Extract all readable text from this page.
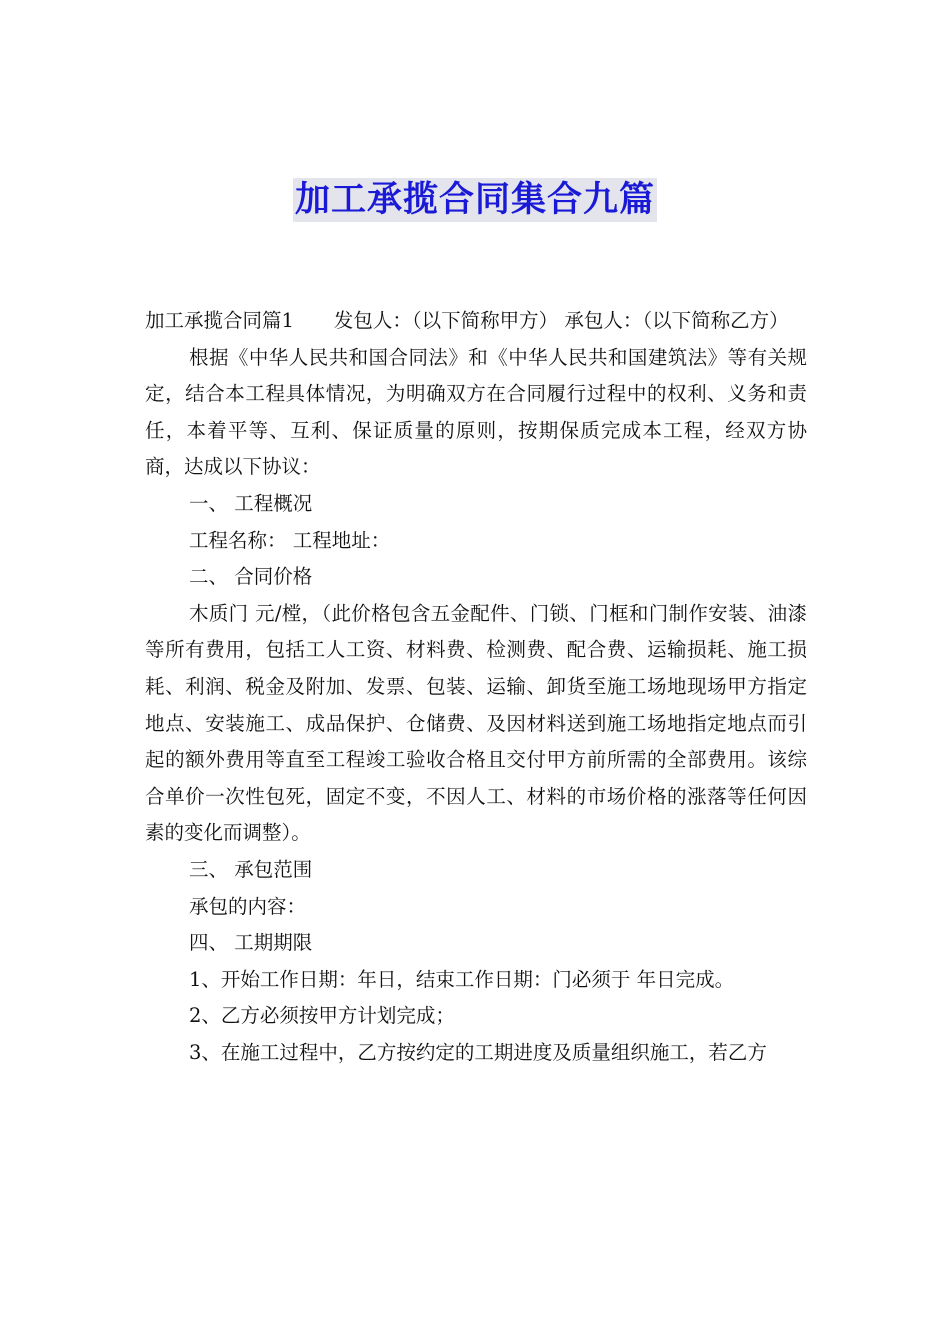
加工承揽合同集合九篇

加工承揽合同篇1 发包人：（以下简称甲方） 承包人：（以下简称乙方）

根据《中华人民共和国合同法》和《中华人民共和国建筑法》等有关规定，结合本工程具体情况，为明确双方在合同履行过程中的权利、义务和责任，本着平等、互利、保证质量的原则，按期保质完成本工程，经双方协商，达成以下协议：

一、 工程概况

工程名称： 工程地址：

二、 合同价格

木质门 元/樘，（此价格包含五金配件、门锁、门框和门制作安装、油漆等所有费用，包括工人工资、材料费、检测费、配合费、运输损耗、施工损耗、利润、税金及附加、发票、包装、运输、卸货至施工场地现场甲方指定地点、安装施工、成品保护、仓储费、及因材料送到施工场地指定地点而引起的额外费用等直至工程竣工验收合格且交付甲方前所需的全部费用。该综合单价一次性包死，固定不变，不因人工、材料的市场价格的涨落等任何因素的变化而调整）。

三、 承包范围

承包的内容：

四、 工期期限

1、开始工作日期：年日，结束工作日期：门必须于 年日完成。

2、乙方必须按甲方计划完成；

3、在施工过程中，乙方按约定的工期进度及质量组织施工，若乙方
